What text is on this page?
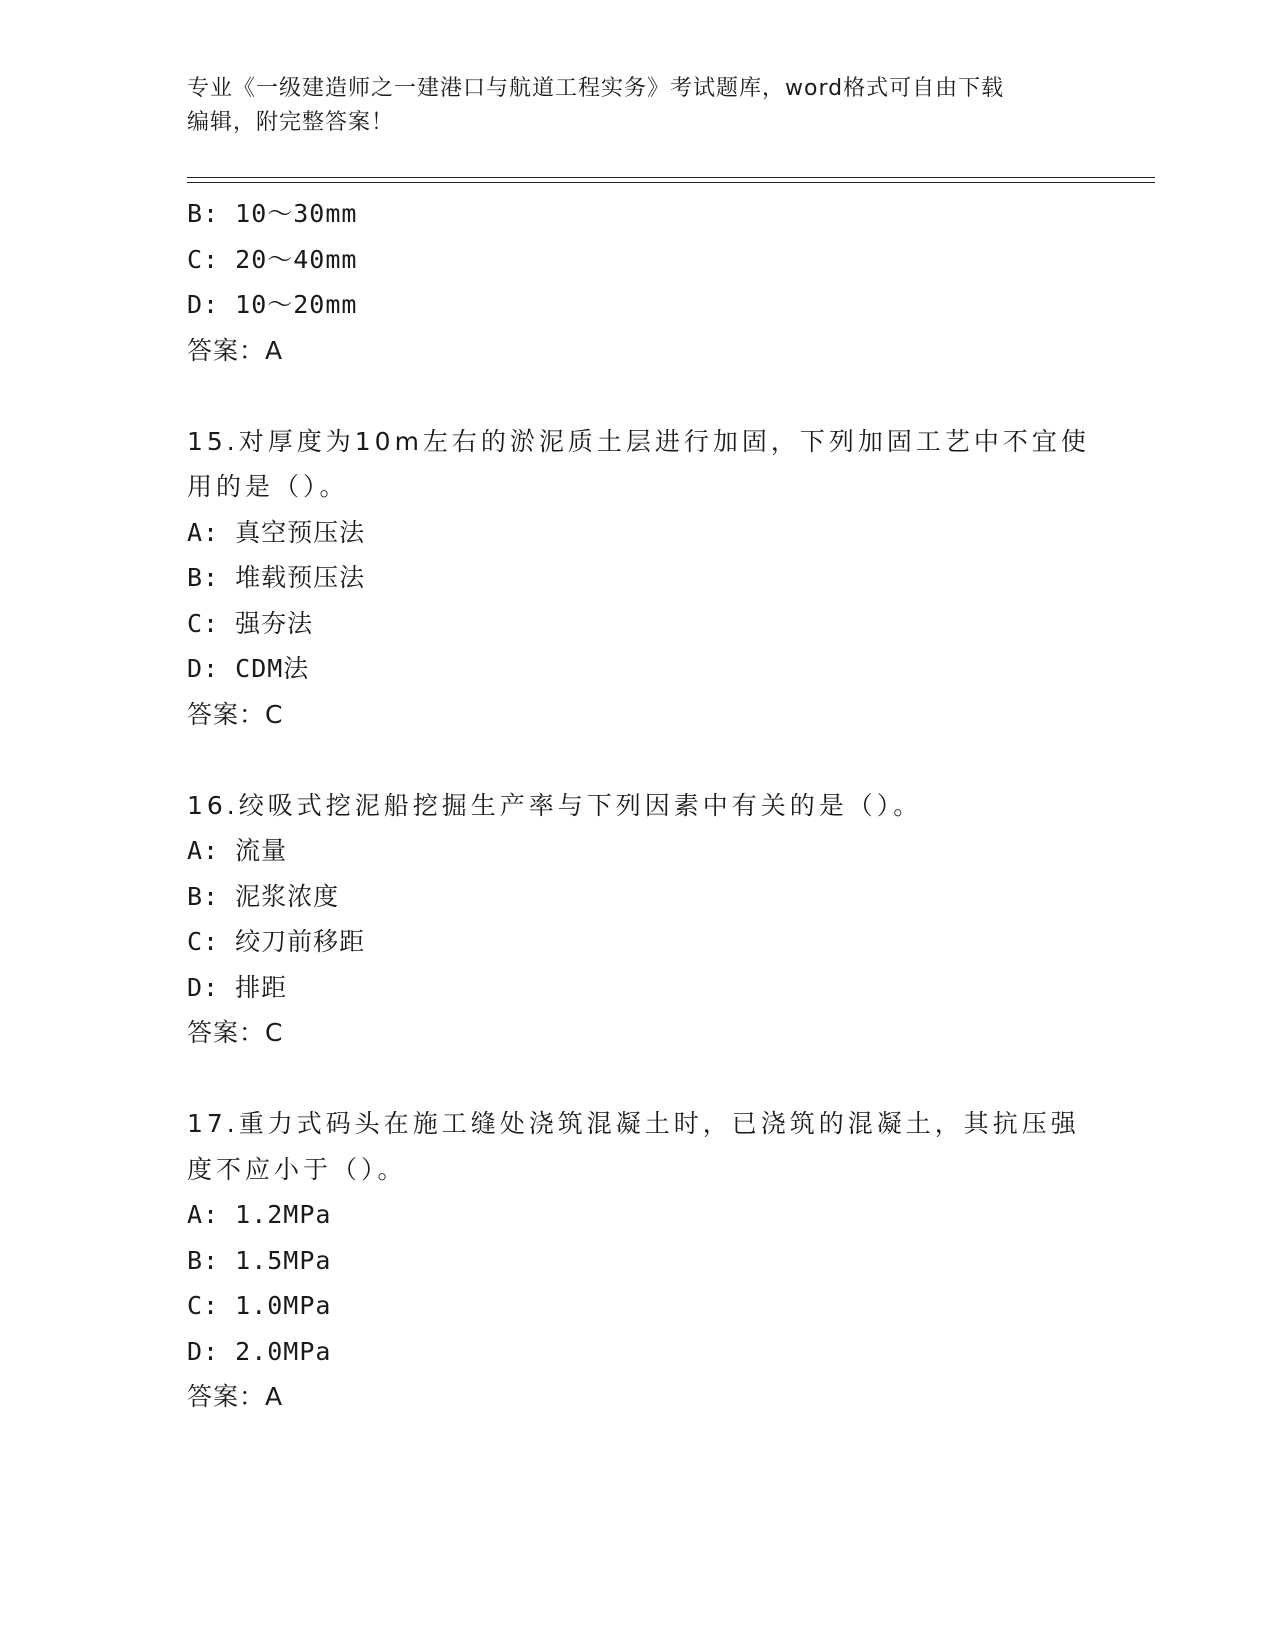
专业《一级建造师之一建港口与航道工程实务》考试题库，word格式可自由下载
编辑，附完整答案！
B: 10～30mm
C: 20～40mm
D: 10～20mm
答案：A
15.对厚度为10m左右的淤泥质土层进行加固，下列加固工艺中不宜使
用的是（）。
A: 真空预压法
B: 堆载预压法
C: 强夯法
D: CDM法
答案：C
16.绞吸式挖泥船挖掘生产率与下列因素中有关的是（）。
A: 流量
B: 泥浆浓度
C: 绞刀前移距
D: 排距
答案：C
17.重力式码头在施工缝处浇筑混凝土时，已浇筑的混凝土，其抗压强
度不应小于（）。
A: 1.2MPa
B: 1.5MPa
C: 1.0MPa
D: 2.0MPa
答案：A
